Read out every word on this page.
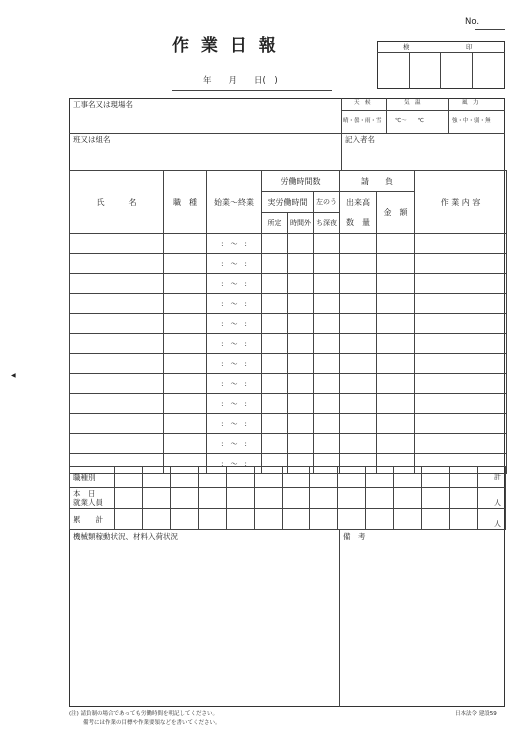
No.
作 業 日 報
年　　月　　日(　)
検	印
工事名又は現場名	天　候	気　温	風　力
晴・曇・雨・雪 ℃〜　　℃	強・中・弱・無
班又は組名	記入者名
氏　　　名	職　種	始業〜終業	労働時間数			請　　負		作 業 内 容
			実労働時間		左のう	出来高	金　額	
			所定	時間外	ち深夜	数　量		
		:　〜　:						
		:　〜　:						
		:　〜　:						
		:　〜　:						
		:　〜　:						
		:　〜　:						
		:　〜　:						
		:　〜　:						
		:　〜　:						
		:　〜　:						
		:　〜　:						
		:　〜　:						
職種別														計

本　日
就業人員														人

累　　計														人
機械類稼動状況、材料入荷状況	備　考
(注) 請負制の場合であっても労働時間を明記してください。
備考には作業の目標や作業要領などを書いてください。
日本法令 建設59
◀
